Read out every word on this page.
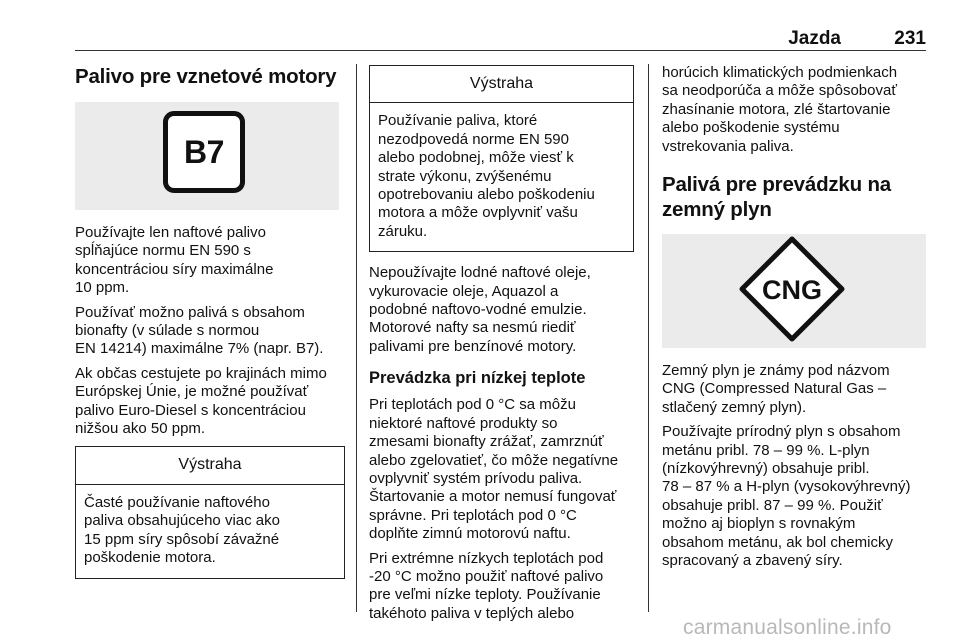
Jazda	231
Palivo pre vznetové motory
B7

Používajte len naftové palivo
spĺňajúce normu EN 590 s
koncentráciou síry maximálne
10 ppm.

Používať možno palivá s obsahom
bionafty (v súlade s normou
EN 14214) maximálne 7% (napr. B7).

Ak občas cestujete po krajinách mimo
Európskej Únie, je možné používať
palivo Euro-Diesel s koncentráciou
nižšou ako 50 ppm.

Výstraha
Časté používanie naftového
paliva obsahujúceho viac ako
15 ppm síry spôsobí závažné
poškodenie motora.
Výstraha
Používanie paliva, ktoré
nezodpovedá norme EN 590
alebo podobnej, môže viesť k
strate výkonu, zvýšenému
opotrebovaniu alebo poškodeniu
motora a môže ovplyvniť vašu
záruku.

Nepoužívajte lodné naftové oleje,
vykurovacie oleje, Aquazol a
podobné naftovo-vodné emulzie.
Motorové nafty sa nesmú riediť
palivami pre benzínové motory.

Prevádzka pri nízkej teplote

Pri teplotách pod 0 °C sa môžu
niektoré naftové produkty so
zmesami bionafty zrážať, zamrznúť
alebo zgelovatieť, čo môže negatívne
ovplyvniť systém prívodu paliva.
Štartovanie a motor nemusí fungovať
správne. Pri teplotách pod 0 °C
doplňte zimnú motorovú naftu.

Pri extrémne nízkych teplotách pod
-20 °C možno použiť naftové palivo
pre veľmi nízke teploty. Používanie
takéhoto paliva v teplých alebo

horúcich klimatických podmienkach
sa neodporúča a môže spôsobovať
zhasínanie motora, zlé štartovanie
alebo poškodenie systému
vstrekovania paliva.

Palivá pre prevádzku na zemný plyn
CNG

Zemný plyn je známy pod názvom
CNG (Compressed Natural Gas –
stlačený zemný plyn).

Používajte prírodný plyn s obsahom
metánu pribl. 78 – 99 %. L-plyn
(nízkovýhrevný) obsahuje pribl.
78 – 87 % a H-plyn (vysokovýhrevný)
obsahuje pribl. 87 – 99 %. Použiť
možno aj bioplyn s rovnakým
obsahom metánu, ak bol chemicky
spracovaný a zbavený síry.

carmanualsonline.info
